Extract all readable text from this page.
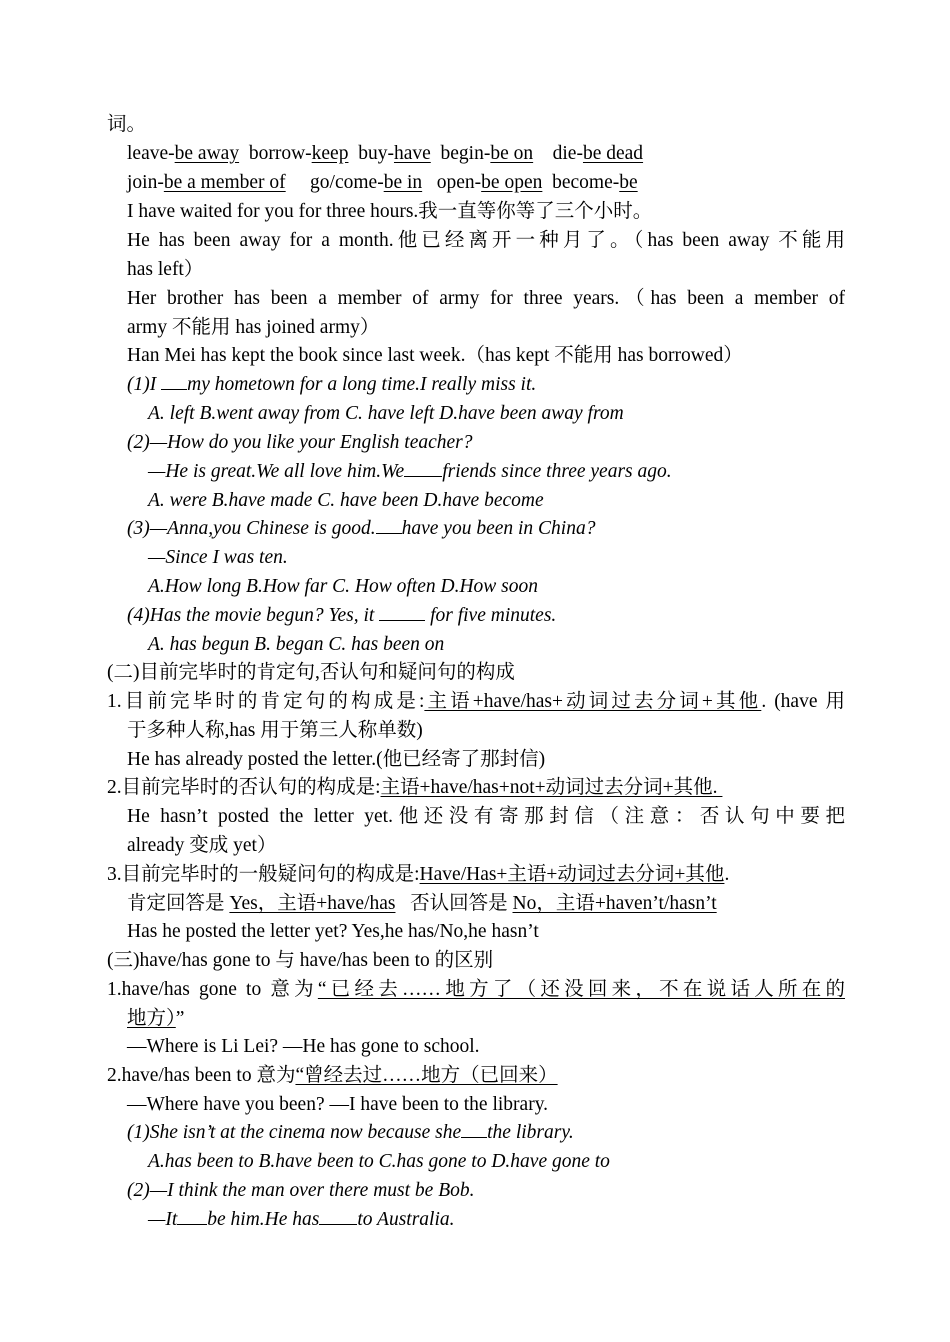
词。
leave-be away  borrow-keep  buy-have  begin-be on    die-be dead
join-be a member of     go/come-be in   open-be open  become-be
I have waited for you for three hours.我一直等你等了三个小时。
He has been away for a month.他已经离开一种月了。（has been away 不能用
has left）
Her brother has been a member of army for three years.（has been a member of
army 不能用 has joined army）
Han Mei has kept the book since last week.（has kept 不能用 has borrowed）
(1)I my hometown for a long time.I really miss it.
A. left B.went away from C. have left D.have been away from
(2)—How do you like your English teacher?
—He is great.We all love him.We friends since three years ago.
A. were B.have made C. have been D.have become
(3)—Anna,you Chinese is good. have you been in China?
—Since I was ten.
A.How long B.How far C. How often D.How soon
(4)Has the movie begun? Yes, it  for five minutes.
A. has begun B. began C. has been on
(二)目前完毕时的肯定句,否认句和疑问句的构成
1.目前完毕时的肯定句的构成是:主语+have/has+动词过去分词+其他. (have 用
于多种人称,has 用于第三人称单数)
He has already posted the letter.(他已经寄了那封信)
2.目前完毕时的否认句的构成是:主语+have/has+not+动词过去分词+其他.
He hasn’t posted the letter yet.他还没有寄那封信（注意：否认句中要把
already 变成 yet）
3.目前完毕时的一般疑问句的构成是:Have/Has+主语+动词过去分词+其他.
肯定回答是 Yes，主语+have/has   否认回答是 No，主语+haven’t/hasn’t
Has he posted the letter yet? Yes,he has/No,he hasn’t
(三)have/has gone to 与 have/has been to 的区别
1.have/has gone to 意为“已经去……地方了（还没回来，不在说话人所在的
地方）”
—Where is Li Lei? —He has gone to school.
2.have/has been to 意为“曾经去过……地方（已回来）
—Where have you been? —I have been to the library.
(1)She isn’t at the cinema now because she the library.
A.has been to B.have been to C.has gone to D.have gone to
(2)—I think the man over there must be Bob.
—It be him.He has to Australia.
